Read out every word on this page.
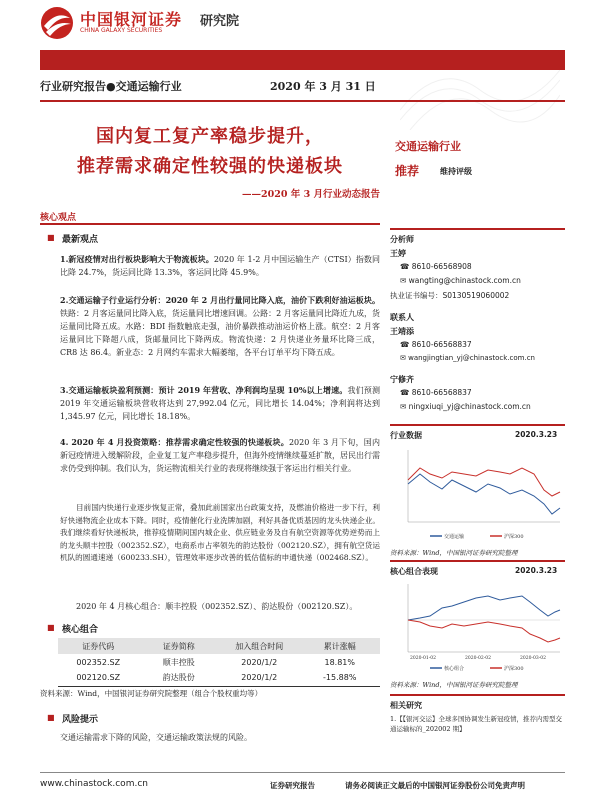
中国银河证券
CHINA GALAXY SECURITIES
研究院
行业研究报告●交通运输行业	2020 年 3 月 31 日
国内复工复产率稳步提升，
推荐需求确定性较强的快递板块
——2020 年 3 月行业动态报告
核心观点
■ 最新观点

1.新冠疫情对出行板块影响大于物流板块。2020 年 1-2 月中国运输生产（CTSI）指数同比降 24.7%，货运同比降 13.3%，客运同比降 45.9%。

2.交通运输子行业运行分析：2020 年 2 月出行量同比降入底，油价下跌利好油运板块。铁路：2 月客运量同比降入底，货运量同比增速回调。公路：2 月客运量同比降近九成，货运量同比降五成。水路：BDI 指数触底走强，油价暴跌推动油运价格上涨。航空：2 月客运量同比下降超八成，货邮量同比下降两成。物流快递：2 月快递业务量环比降三成，CR8 达 86.4。新业态：2 月网约车需求大幅萎缩，各平台订单平均下降五成。

3.交通运输板块盈利预测：预计 2019 年营收、净利润均呈现 10%以上增速。我们预测 2019 年交通运输板块营收将达到 27,992.04 亿元，同比增长 14.04%；净利润将达到 1,345.97 亿元，同比增长 18.18%。

4. 2020 年 4 月投资策略：推荐需求确定性较强的快递板块。2020 年 3 月下旬，国内新冠疫情进入缓解阶段，企业复工复产率稳步提升，但海外疫情继续蔓延扩散，居民出行需求仍受到抑制。我们认为，货运物流相关行业的表现将继续强于客运出行相关行业。

目前国内快递行业逐步恢复正常，叠加此前国家出台政策支持，及燃油价格进一步下行，利好快递物流企业成本下降。同时，疫情催化行业洗牌加剧，利好具备优质基因的龙头快递企业。我们继续看好快递板块，推荐疫情期间国内城企业、供应链业务及自有航空资源等优势逆势而上的龙头顺丰控股（002352.SZ），电商系市占率领先的韵达股份（002120.SZ），拥有航空货运机队的圆通速递（600233.SH），管理效率逐步改善的低估值标的申通快递（002468.SZ）。

2020 年 4 月核心组合：顺丰控股（002352.SZ）、韵达股份（002120.SZ）。

■ 核心组合
证券代码	证券简称	加入组合时间	累计涨幅
002352.SZ	顺丰控股	2020/1/2	18.81%
002120.SZ	韵达股份	2020/1/2	-15.88%
资料来源：Wind，中国银河证券研究院整理（组合个股权重均等）
■ 风险提示
交通运输需求下降的风险，交通运输政策法规的风险。
交通运输行业
推荐	维持评级
分析师
王婷
☎ 8610-66568908
✉ wangting@chinastock.com.cn
执业证书编号：S0130519060002
联系人
王靖添
☎ 8610-66568837
✉ wangjingtian_yj@chinastock.com.cn
宁修齐
☎ 8610-66568837
✉ ningxiuqi_yj@chinastock.com.cn
行业数据	2020.3.23
交通运输	沪深300
资料来源：Wind，中国银河证券研究院整理
核心组合表现	2020.3.23
2020-01-02	2020-02-02	2020-03-02
核心组合	沪深300
资料来源：Wind，中国银河证券研究院整理
相关研究
1.【【银河交运】全球多国协调发生新冠疫情，推荐内需型交通运输标的_202002 期】
www.chinastock.com.cn	证券研究报告	请务必阅读正文最后的中国银河证券股份公司免责声明
